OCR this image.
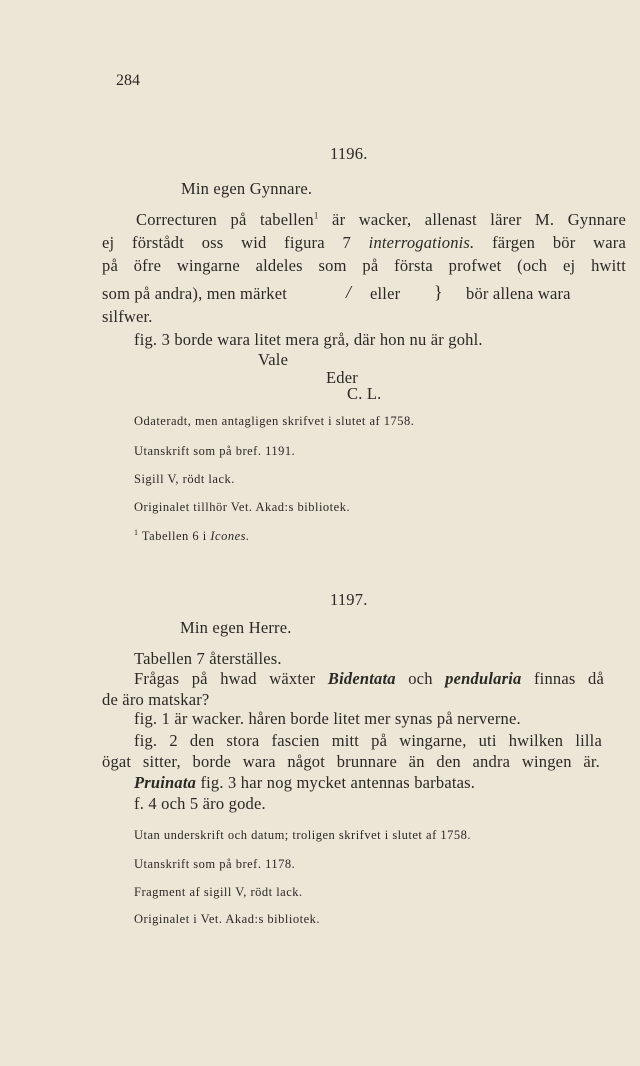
284
1196.
Min egen Gynnare.
Correcturen på tabellen$^1$ är wacker, allenast lärer M. Gynnare
ej förstådt oss wid figura 7 interrogationis. färgen bör wara
på öfre wingarne aldeles som på första profwet (och ej hwitt
som på andra), men märket	/ eller } bör allena wara
silfwer.
fig. 3 borde wara litet mera grå, där hon nu är gohl.
Vale
Eder
C. L.
Odateradt, men antagligen skrifvet i slutet af 1758.
Utanskrift som på bref. 1191.
Sigill V, rödt lack.
Originalet tillhör Vet. Akad:s bibliotek.
$^1$ Tabellen 6 i Icones.
1197.
Min egen Herre.
Tabellen 7 återställes.
Frågas på hwad wäxter Bidentata och pendularia finnas då
de äro matskar?
fig. 1 är wacker. håren borde litet mer synas på nerverne.
fig. 2 den stora fascien mitt på wingarne, uti hwilken lilla
ögat sitter, borde wara något brunnare än den andra wingen är.
Pruinata fig. 3 har nog mycket antennas barbatas.
f. 4 och 5 äro gode.
Utan underskrift och datum; troligen skrifvet i slutet af 1758.
Utanskrift som på bref. 1178.
Fragment af sigill V, rödt lack.
Originalet i Vet. Akad:s bibliotek.
